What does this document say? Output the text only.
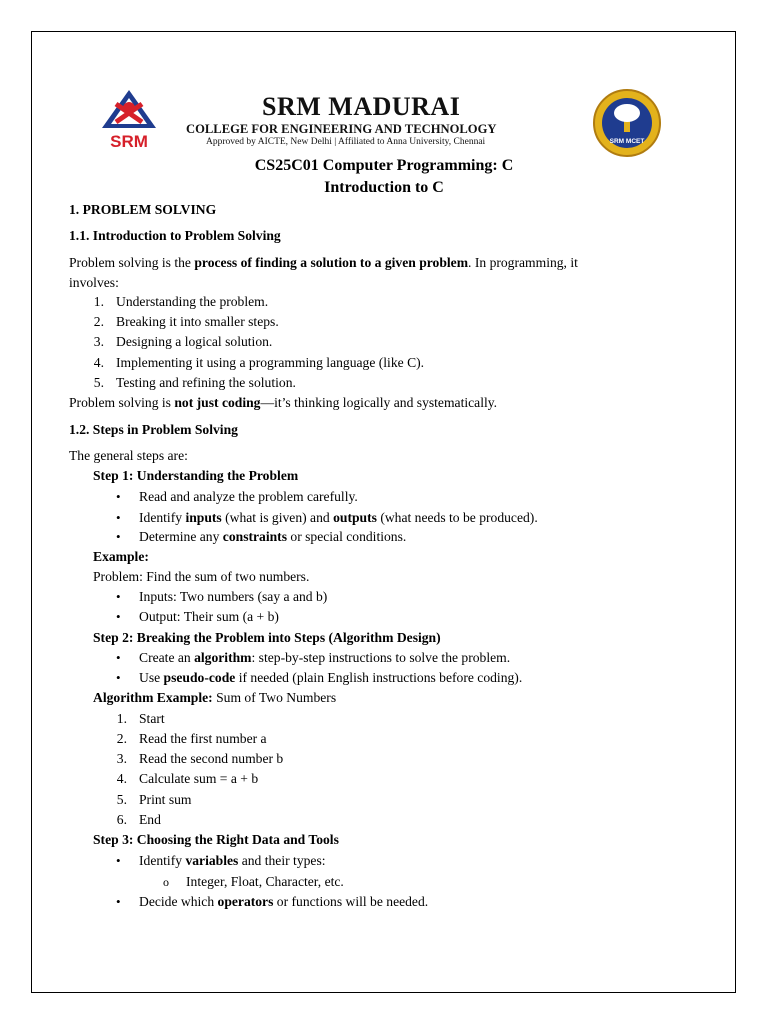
SRM
SRM MADURAI
COLLEGE FOR ENGINEERING AND TECHNOLOGY
Approved by AICTE, New Delhi | Affiliated to Anna University, Chennai	SRM MCET
CS25C01 Computer Programming: C
Introduction to C
1. PROBLEM SOLVING
1.1. Introduction to Problem Solving
Problem solving is the process of finding a solution to a given problem. In programming, it
involves:
1. Understanding the problem.
2. Breaking it into smaller steps.
3. Designing a logical solution.
4. Implementing it using a programming language (like C).
5. Testing and refining the solution.
Problem solving is not just coding—it’s thinking logically and systematically.
1.2. Steps in Problem Solving
The general steps are:
Step 1: Understanding the Problem
• Read and analyze the problem carefully.
• Identify inputs (what is given) and outputs (what needs to be produced).
• Determine any constraints or special conditions.
Example:
Problem: Find the sum of two numbers.
• Inputs: Two numbers (say a and b)
• Output: Their sum (a + b)
Step 2: Breaking the Problem into Steps (Algorithm Design)
• Create an algorithm: step-by-step instructions to solve the problem.
• Use pseudo-code if needed (plain English instructions before coding).
Algorithm Example: Sum of Two Numbers
1. Start
2. Read the first number a
3. Read the second number b
4. Calculate sum = a + b
5. Print sum
6. End
Step 3: Choosing the Right Data and Tools
• Identify variables and their types:
o Integer, Float, Character, etc.
• Decide which operators or functions will be needed.
